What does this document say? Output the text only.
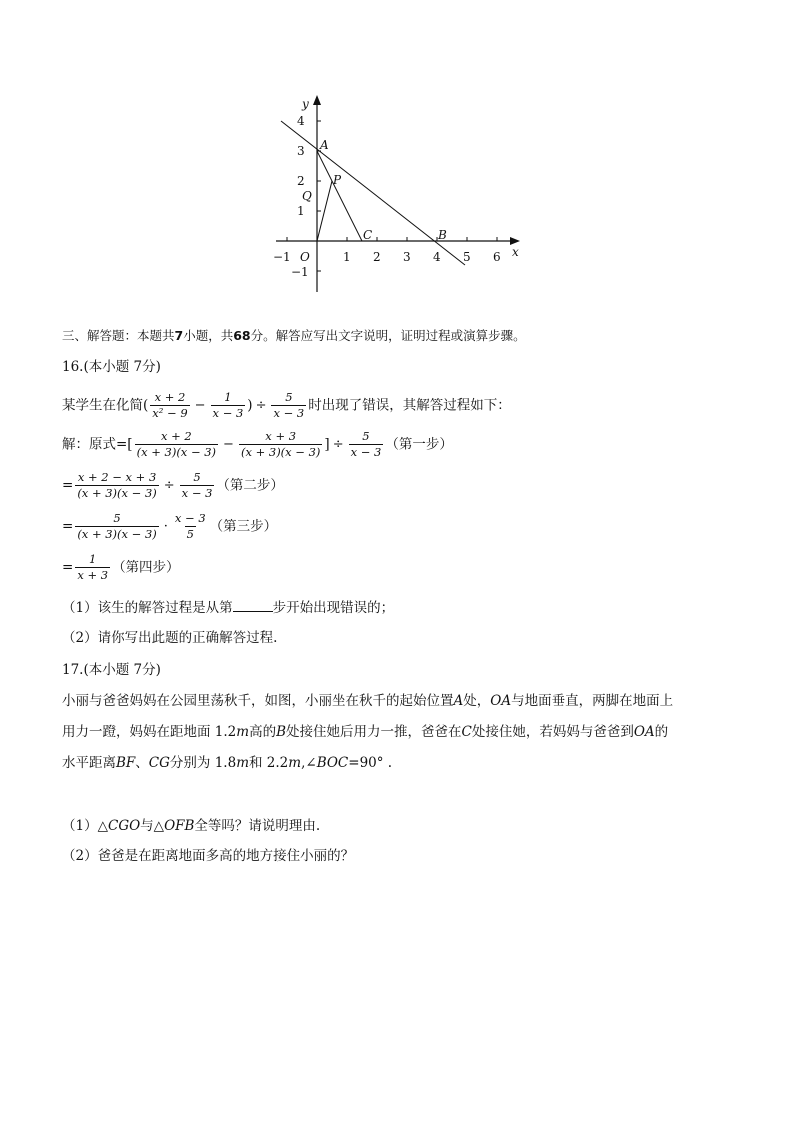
y
x
O
4
3
2
1
−1
−1	1 2 3 4 5 6
A
P
Q
C	B
三、解答题：本题共7小题，共68分。解答应写出文字说明，证明过程或演算步骤。
16.(本小题 7分)
某学生在化简( $\frac{x + 2}{\text{x² − 9}} - \frac{1}{x - 3}$ ) ÷ $\frac{5}{x - 3}$ 时出现了错误，其解答过程如下：
解：原式=[ $\frac{x + 2}{(x + 3)(x - 3)} - \frac{x + 3}{(x + 3)(x - 3)}$ ] ÷ $\frac{5}{x - 3}$ （第一步）
= $\frac{x + 2 - x + 3}{(x + 3)(x - 3)} \div \frac{5}{x - 3}$ （第二步）
= $\frac{5}{(x + 3)(x - 3)} \cdot \frac{x - 3}{5}$ （第三步）
= $\frac{1}{x + 3}$ （第四步）
（1）该生的解答过程是从第	步开始出现错误的；
（2）请你写出此题的正确解答过程.
17.(本小题 7分)
小丽与爸爸妈妈在公园里荡秋千，如图，小丽坐在秋千的起始位置A处，OA与地面垂直，两脚在地面上
用力一蹬，妈妈在距地面 1.2m高的B处接住她后用力一推，爸爸在C处接住她，若妈妈与爸爸到OA的
水平距离BF、CG分别为 1.8m和 2.2m,∠BOC=90° .
（1）△CGO与△OFB全等吗？请说明理由.
（2）爸爸是在距离地面多高的地方接住小丽的？
